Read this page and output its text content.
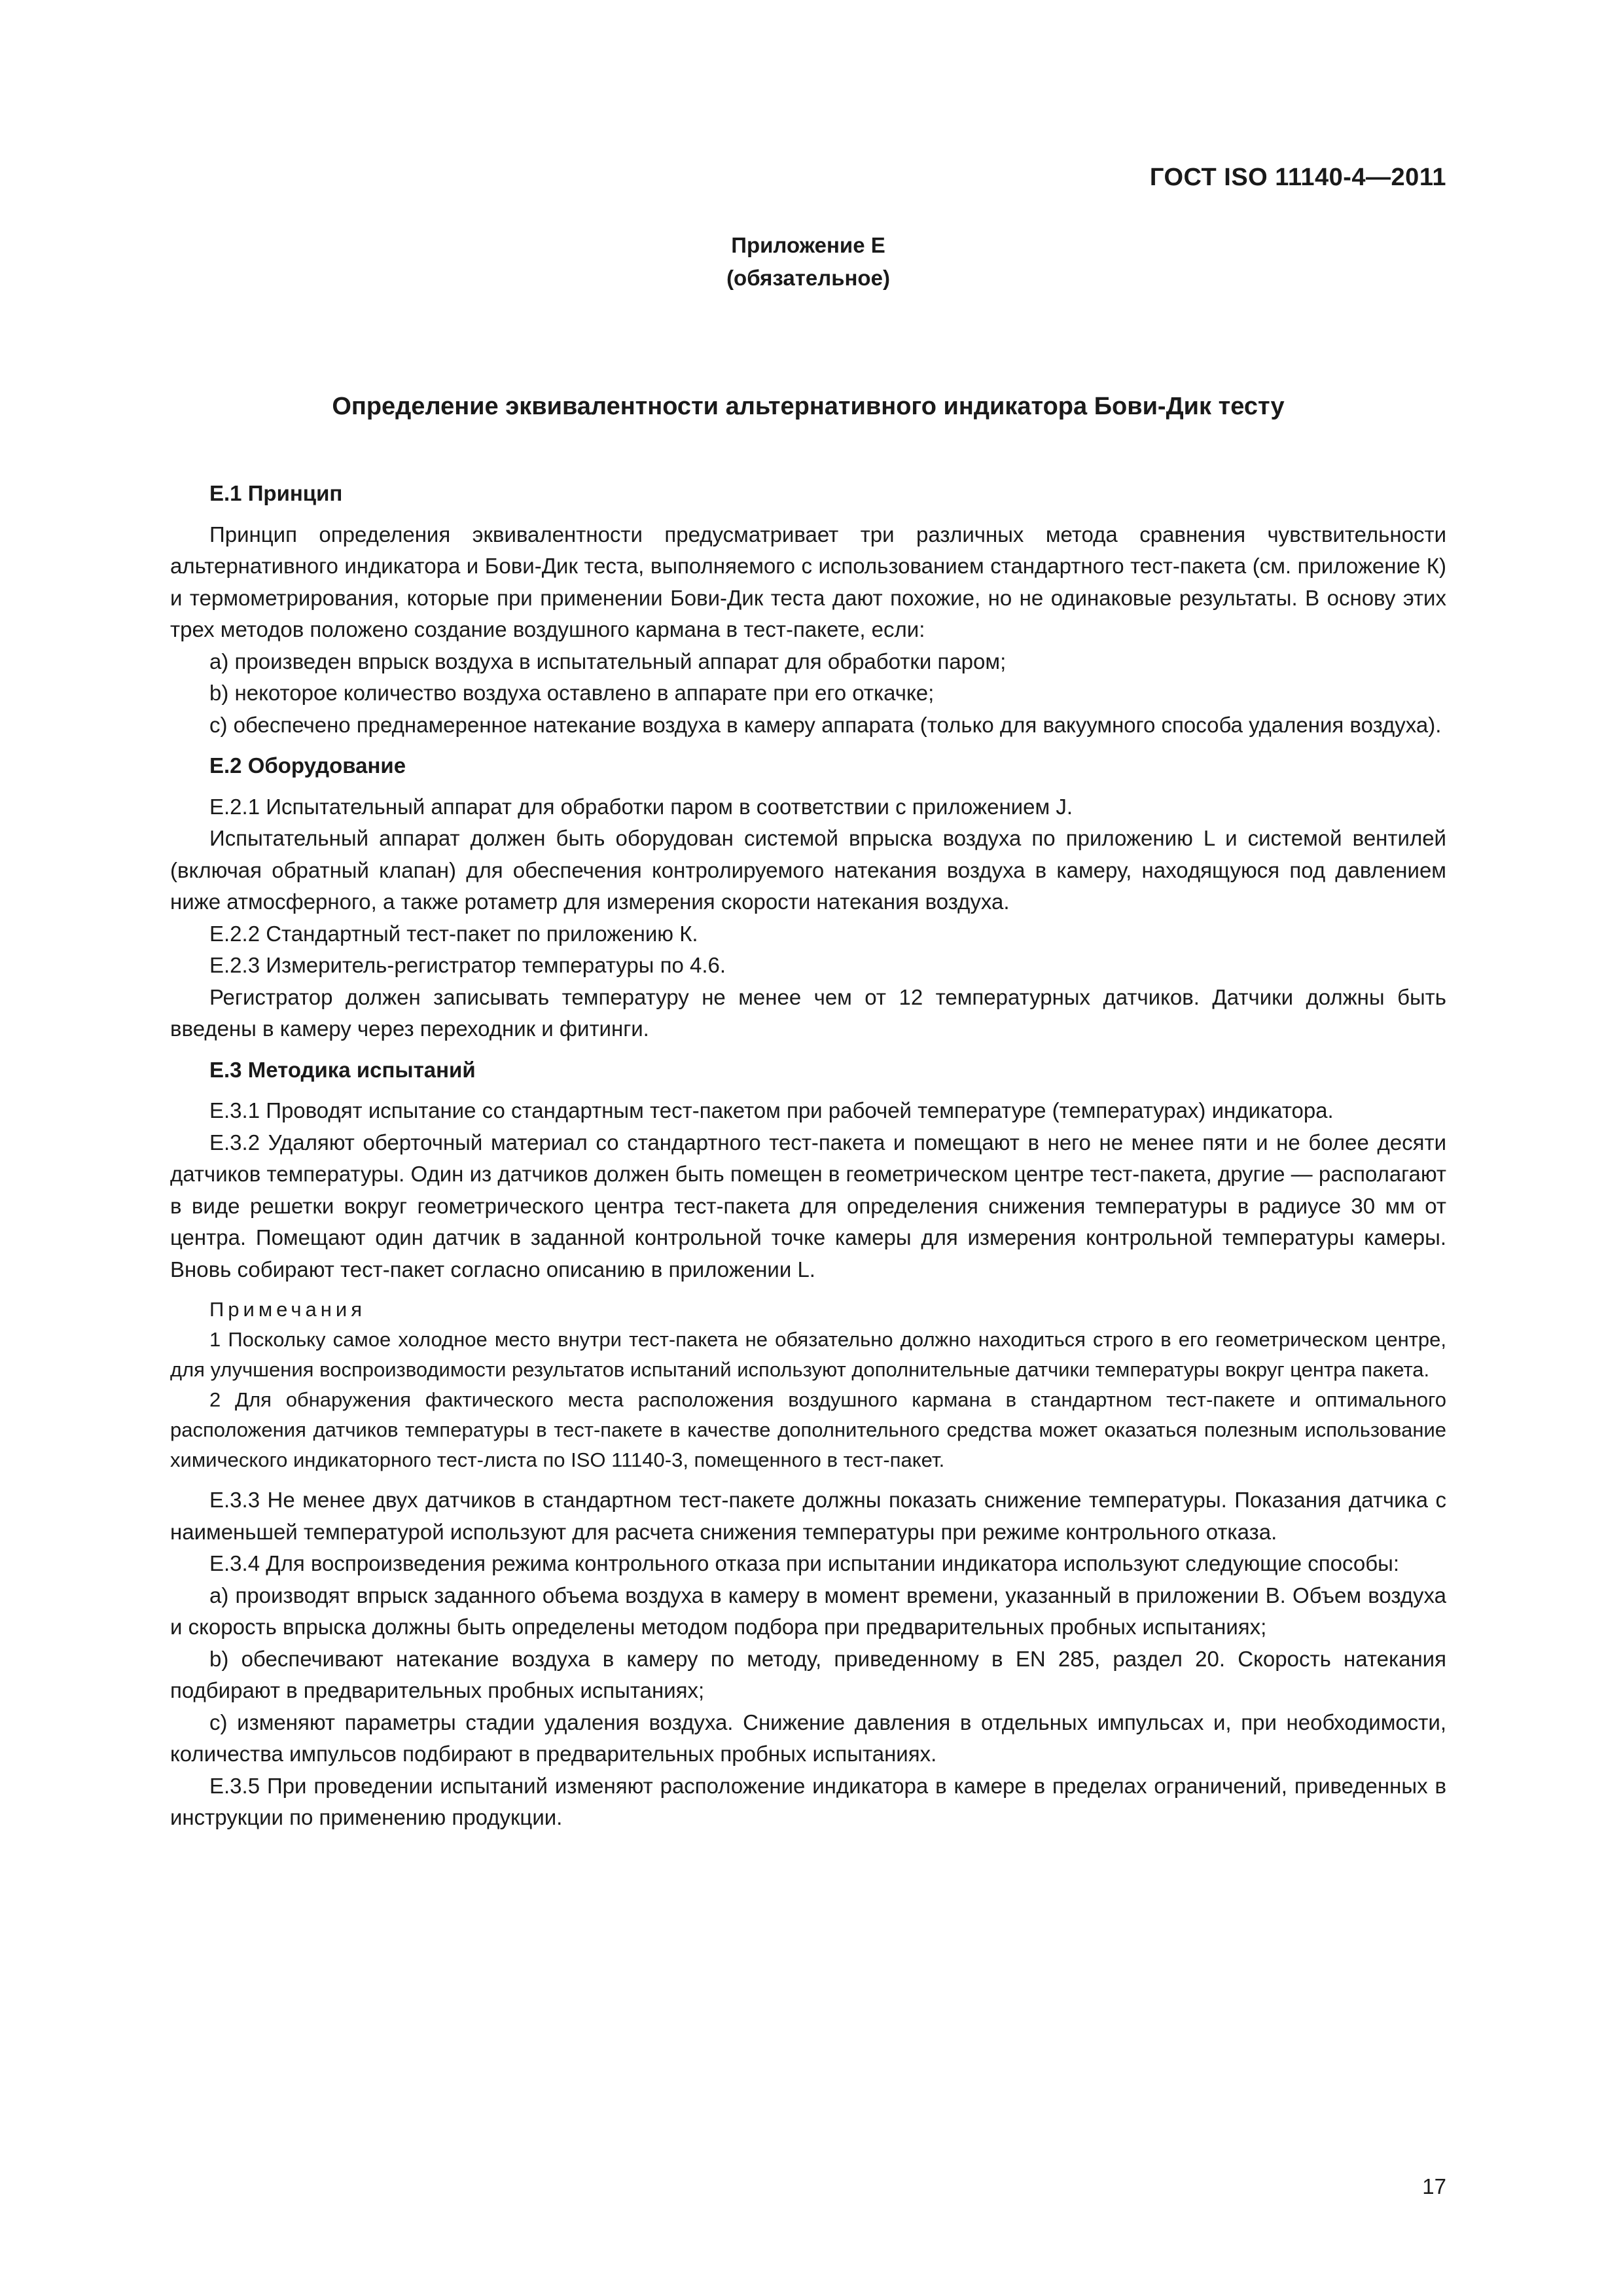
ГОСТ ISO 11140-4—2011
Приложение E
(обязательное)
Определение эквивалентности альтернативного индикатора Бови-Дик тесту

E.1 Принцип

Принцип определения эквивалентности предусматривает три различных метода сравнения чувствительности альтернативного индикатора и Бови-Дик теста, выполняемого с использованием стандартного тест-пакета (см. приложение К) и термометрирования, которые при применении Бови-Дик теста дают похожие, но не одинаковые результаты. В основу этих трех методов положено создание воздушного кармана в тест-пакете, если:

а) произведен впрыск воздуха в испытательный аппарат для обработки паром;

b) некоторое количество воздуха оставлено в аппарате при его откачке;

с) обеспечено преднамеренное натекание воздуха в камеру аппарата (только для вакуумного способа удаления воздуха).

E.2 Оборудование

Е.2.1 Испытательный аппарат для обработки паром в соответствии с приложением J.

Испытательный аппарат должен быть оборудован системой впрыска воздуха по приложению L и системой вентилей (включая обратный клапан) для обеспечения контролируемого натекания воздуха в камеру, находящуюся под давлением ниже атмосферного, а также ротаметр для измерения скорости натекания воздуха.

Е.2.2 Стандартный тест-пакет по приложению К.

Е.2.3 Измеритель-регистратор температуры по 4.6.

Регистратор должен записывать температуру не менее чем от 12 температурных датчиков. Датчики должны быть введены в камеру через переходник и фитинги.

E.3 Методика испытаний

Е.3.1 Проводят испытание со стандартным тест-пакетом при рабочей температуре (температурах) индикатора.

Е.3.2 Удаляют оберточный материал со стандартного тест-пакета и помещают в него не менее пяти и не более десяти датчиков температуры. Один из датчиков должен быть помещен в геометрическом центре тест-пакета, другие — располагают в виде решетки вокруг геометрического центра тест-пакета для определения снижения температуры в радиусе 30 мм от центра. Помещают один датчик в заданной контрольной точке камеры для измерения контрольной температуры камеры. Вновь собирают тест-пакет согласно описанию в приложении L.

Примечания

1 Поскольку самое холодное место внутри тест-пакета не обязательно должно находиться строго в его геометрическом центре, для улучшения воспроизводимости результатов испытаний используют дополнительные датчики температуры вокруг центра пакета.

2 Для обнаружения фактического места расположения воздушного кармана в стандартном тест-пакете и оптимального расположения датчиков температуры в тест-пакете в качестве дополнительного средства может оказаться полезным использование химического индикаторного тест-листа по ISO 11140-3, помещенного в тест-пакет.

Е.3.3 Не менее двух датчиков в стандартном тест-пакете должны показать снижение температуры. Показания датчика с наименьшей температурой используют для расчета снижения температуры при режиме контрольного отказа.

Е.3.4 Для воспроизведения режима контрольного отказа при испытании индикатора используют следующие способы:

а) производят впрыск заданного объема воздуха в камеру в момент времени, указанный в приложении В. Объем воздуха и скорость впрыска должны быть определены методом подбора при предварительных пробных испытаниях;

b) обеспечивают натекание воздуха в камеру по методу, приведенному в EN 285, раздел 20. Скорость натекания подбирают в предварительных пробных испытаниях;

с) изменяют параметры стадии удаления воздуха. Снижение давления в отдельных импульсах и, при необходимости, количества импульсов подбирают в предварительных пробных испытаниях.

Е.3.5 При проведении испытаний изменяют расположение индикатора в камере в пределах ограничений, приведенных в инструкции по применению продукции.

17
